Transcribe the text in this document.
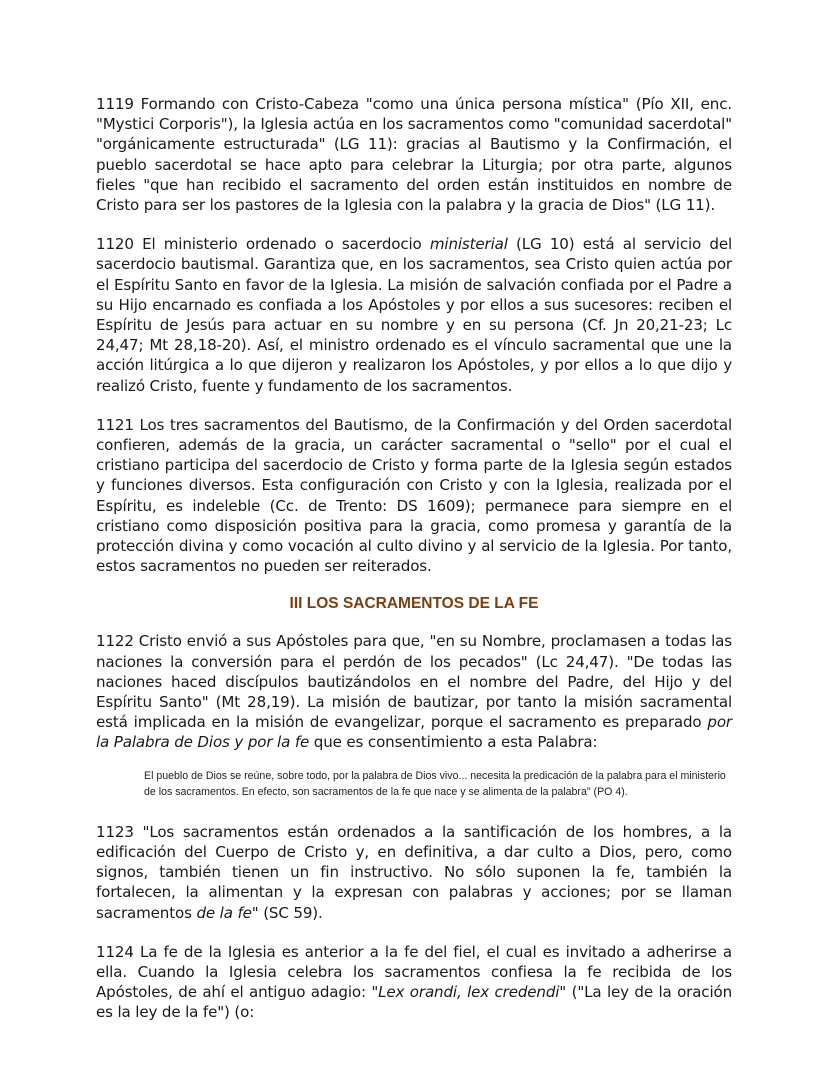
1119 Formando con Cristo-Cabeza "como una única persona mística" (Pío XII, enc. "Mystici Corporis"), la Iglesia actúa en los sacramentos como "comunidad sacerdotal" "orgánicamente estructurada" (LG 11): gracias al Bautismo y la Confirmación, el pueblo sacerdotal se hace apto para celebrar la Liturgia; por otra parte, algunos fieles "que han recibido el sacramento del orden están instituidos en nombre de Cristo para ser los pastores de la Iglesia con la palabra y la gracia de Dios" (LG 11).

1120 El ministerio ordenado o sacerdocio ministerial (LG 10) está al servicio del sacerdocio bautismal. Garantiza que, en los sacramentos, sea Cristo quien actúa por el Espíritu Santo en favor de la Iglesia. La misión de salvación confiada por el Padre a su Hijo encarnado es confiada a los Apóstoles y por ellos a sus sucesores: reciben el Espíritu de Jesús para actuar en su nombre y en su persona (Cf. Jn 20,21-23; Lc 24,47; Mt 28,18-20). Así, el ministro ordenado es el vínculo sacramental que une la acción litúrgica a lo que dijeron y realizaron los Apóstoles, y por ellos a lo que dijo y realizó Cristo, fuente y fundamento de los sacramentos.

1121 Los tres sacramentos del Bautismo, de la Confirmación y del Orden sacerdotal confieren, además de la gracia, un carácter sacramental o "sello" por el cual el cristiano participa del sacerdocio de Cristo y forma parte de la Iglesia según estados y funciones diversos. Esta configuración con Cristo y con la Iglesia, realizada por el Espíritu, es indeleble (Cc. de Trento: DS 1609); permanece para siempre en el cristiano como disposición positiva para la gracia, como promesa y garantía de la protección divina y como vocación al culto divino y al servicio de la Iglesia. Por tanto, estos sacramentos no pueden ser reiterados.

III LOS SACRAMENTOS DE LA FE

1122 Cristo envió a sus Apóstoles para que, "en su Nombre, proclamasen a todas las naciones la conversión para el perdón de los pecados" (Lc 24,47). "De todas las naciones haced discípulos bautizándolos en el nombre del Padre, del Hijo y del Espíritu Santo" (Mt 28,19). La misión de bautizar, por tanto la misión sacramental está implicada en la misión de evangelizar, porque el sacramento es preparado por la Palabra de Dios y por la fe que es consentimiento a esta Palabra:

El pueblo de Dios se reúne, sobre todo, por la palabra de Dios vivo... necesita la predicación de la palabra para el ministerio de los sacramentos. En efecto, son sacramentos de la fe que nace y se alimenta de la palabra" (PO 4).

1123 "Los sacramentos están ordenados a la santificación de los hombres, a la edificación del Cuerpo de Cristo y, en definitiva, a dar culto a Dios, pero, como signos, también tienen un fin instructivo. No sólo suponen la fe, también la fortalecen, la alimentan y la expresan con palabras y acciones; por se llaman sacramentos de la fe" (SC 59).

1124 La fe de la Iglesia es anterior a la fe del fiel, el cual es invitado a adherirse a ella. Cuando la Iglesia celebra los sacramentos confiesa la fe recibida de los Apóstoles, de ahí el antiguo adagio: "Lex orandi, lex credendi" ("La ley de la oración es la ley de la fe") (o:
